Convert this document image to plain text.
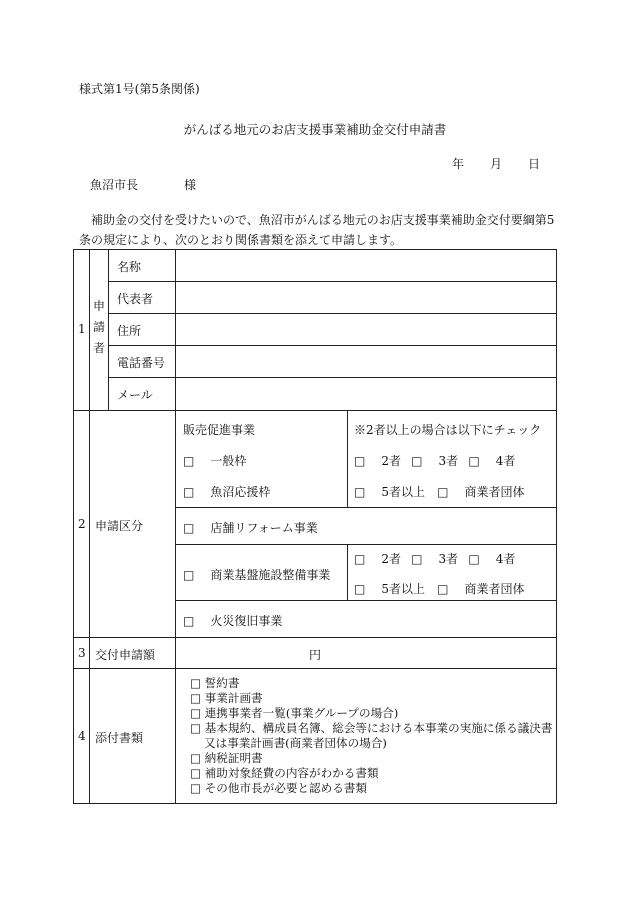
様式第1号(第5条関係)
がんばる地元のお店支援事業補助金交付申請書
年 月 日
魚沼市長	様
　補助金の交付を受けたいので、魚沼市がんばる地元のお店支援事業補助金交付要綱第5条の規定により、次のとおり関係書類を添えて申請します。
1
申
請
者
名称
代表者
住所
電話番号
メール
2 申請区分
販売促進事業
□ 一般枠
□ 魚沼応援枠
※2者以上の場合は以下にチェック
□ 2者 □ 3者 □ 4者
□ 5者以上 □ 商業者団体
□ 店舗リフォーム事業
□ 商業基盤施設整備事業
□ 2者 □ 3者 □ 4者
□ 5者以上 □ 商業者団体
□ 火災復旧事業
3 交付申請額	円
4 添付書類
□ 誓約書
□ 事業計画書
□ 連携事業者一覧(事業グループの場合)
□ 基本規約、構成員名簿、総会等における本事業の実施に係る議決書
又は事業計画書(商業者団体の場合)
□ 納税証明書
□ 補助対象経費の内容がわかる書類
□ その他市長が必要と認める書類
